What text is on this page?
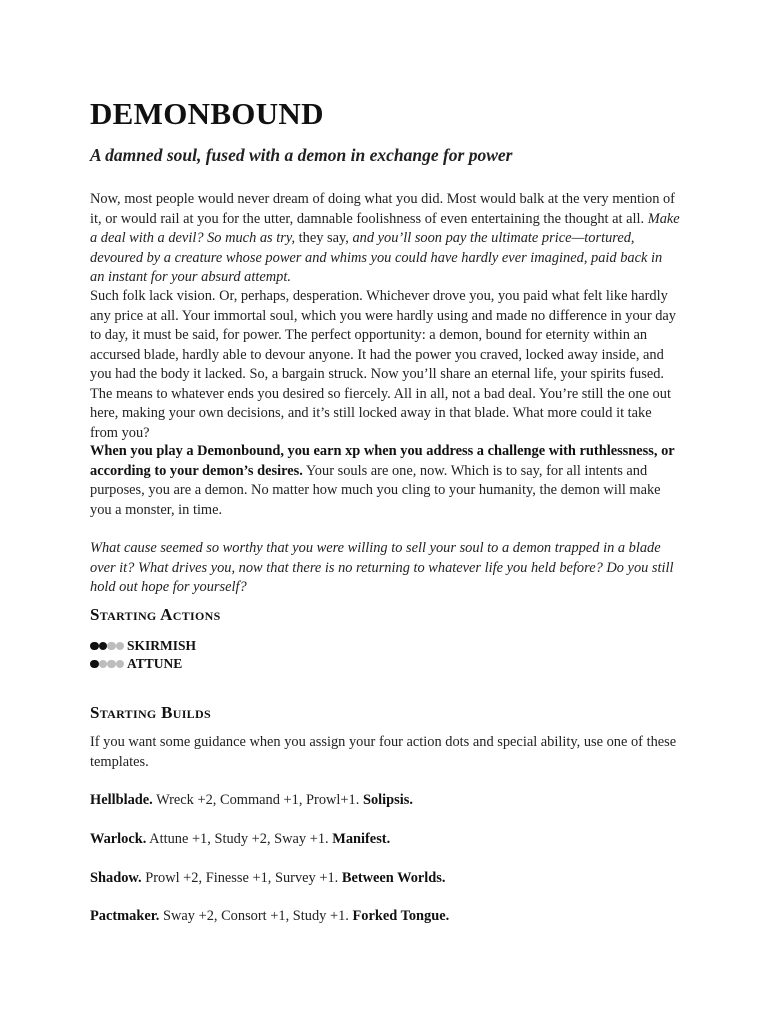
DEMONBOUND
A damned soul, fused with a demon in exchange for power

Now, most people would never dream of doing what you did. Most would balk at the very mention of it, or would rail at you for the utter, damnable foolishness of even entertaining the thought at all. Make a deal with a devil? So much as try, they say, and you’ll soon pay the ultimate price—tortured, devoured by a creature whose power and whims you could have hardly ever imagined, paid back in an instant for your absurd attempt.

Such folk lack vision. Or, perhaps, desperation. Whichever drove you, you paid what felt like hardly any price at all. Your immortal soul, which you were hardly using and made no difference in your day to day, it must be said, for power. The perfect opportunity: a demon, bound for eternity within an accursed blade, hardly able to devour anyone. It had the power you craved, locked away inside, and you had the body it lacked. So, a bargain struck. Now you’ll share an eternal life, your spirits fused. The means to whatever ends you desired so fiercely. All in all, not a bad deal. You’re still the one out here, making your own decisions, and it’s still locked away in that blade. What more could it take from you?

When you play a Demonbound, you earn xp when you address a challenge with ruthlessness, or according to your demon’s desires. Your souls are one, now. Which is to say, for all intents and purposes, you are a demon. No matter how much you cling to your humanity, the demon will make you a monster, in time.

What cause seemed so worthy that you were willing to sell your soul to a demon trapped in a blade over it? What drives you, now that there is no returning to whatever life you held before? Do you still hold out hope for yourself?

Starting Actions
SKIRMISH
ATTUNE
Starting Builds

If you want some guidance when you assign your four action dots and special ability, use one of these templates.

Hellblade. Wreck +2, Command +1, Prowl+1. Solipsis.

Warlock. Attune +1, Study +2, Sway +1. Manifest.

Shadow. Prowl +2, Finesse +1, Survey +1. Between Worlds.

Pactmaker. Sway +2, Consort +1, Study +1. Forked Tongue.
